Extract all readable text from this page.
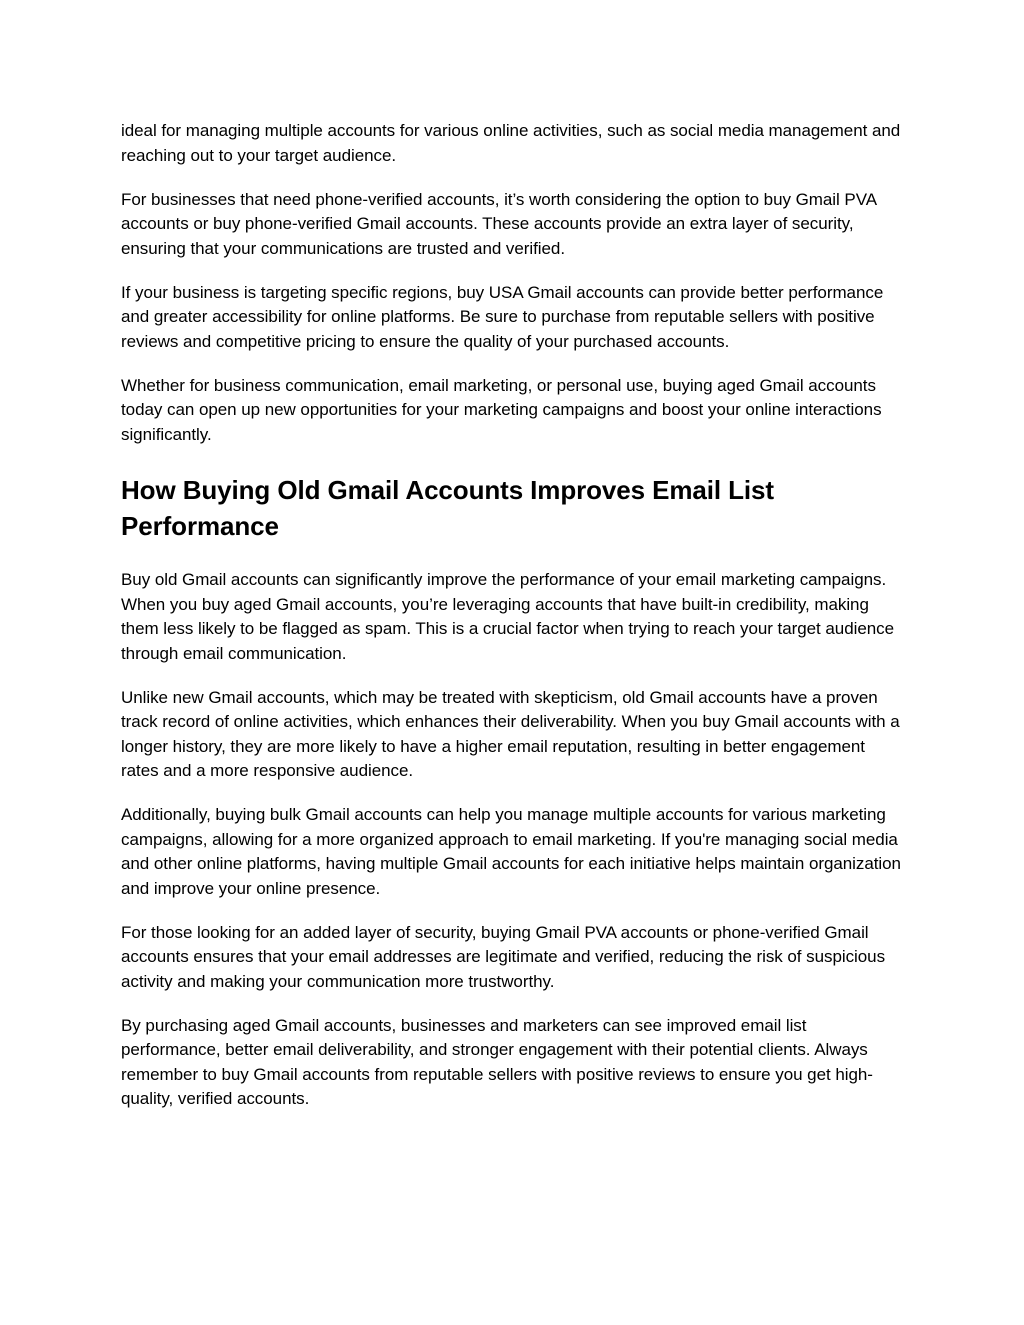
ideal for managing multiple accounts for various online activities, such as social media management and reaching out to your target audience.

For businesses that need phone-verified accounts, it’s worth considering the option to buy Gmail PVA accounts or buy phone-verified Gmail accounts. These accounts provide an extra layer of security, ensuring that your communications are trusted and verified.

If your business is targeting specific regions, buy USA Gmail accounts can provide better performance and greater accessibility for online platforms. Be sure to purchase from reputable sellers with positive reviews and competitive pricing to ensure the quality of your purchased accounts.

Whether for business communication, email marketing, or personal use, buying aged Gmail accounts today can open up new opportunities for your marketing campaigns and boost your online interactions significantly.

How Buying Old Gmail Accounts Improves Email List Performance

Buy old Gmail accounts can significantly improve the performance of your email marketing campaigns. When you buy aged Gmail accounts, you’re leveraging accounts that have built-in credibility, making them less likely to be flagged as spam. This is a crucial factor when trying to reach your target audience through email communication.

Unlike new Gmail accounts, which may be treated with skepticism, old Gmail accounts have a proven track record of online activities, which enhances their deliverability. When you buy Gmail accounts with a longer history, they are more likely to have a higher email reputation, resulting in better engagement rates and a more responsive audience.

Additionally, buying bulk Gmail accounts can help you manage multiple accounts for various marketing campaigns, allowing for a more organized approach to email marketing. If you're managing social media and other online platforms, having multiple Gmail accounts for each initiative helps maintain organization and improve your online presence.

For those looking for an added layer of security, buying Gmail PVA accounts or phone-verified Gmail accounts ensures that your email addresses are legitimate and verified, reducing the risk of suspicious activity and making your communication more trustworthy.

By purchasing aged Gmail accounts, businesses and marketers can see improved email list performance, better email deliverability, and stronger engagement with their potential clients. Always remember to buy Gmail accounts from reputable sellers with positive reviews to ensure you get high-quality, verified accounts.
